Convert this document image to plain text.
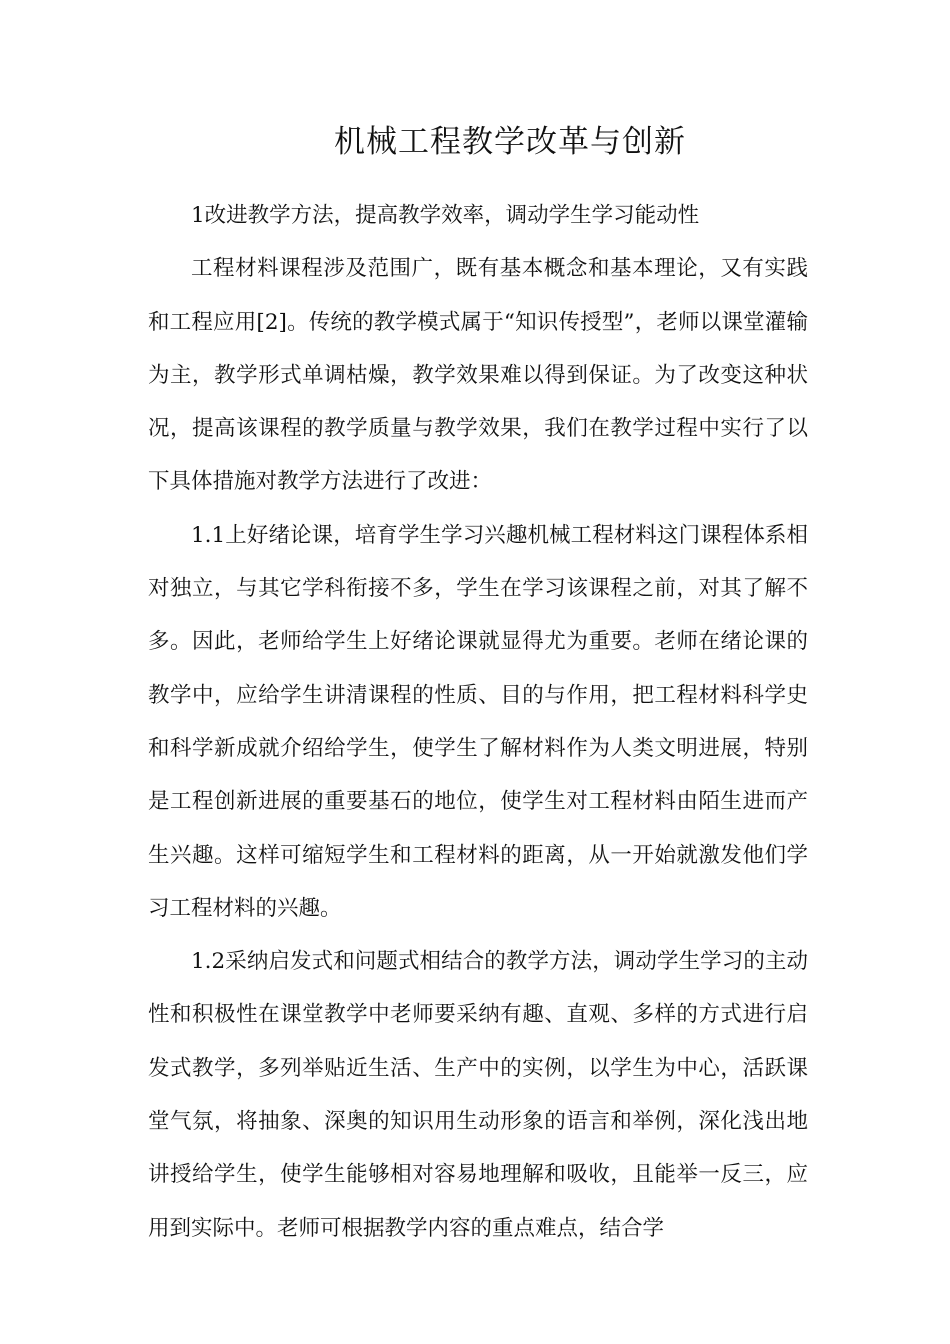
机械工程教学改革与创新

1改进教学方法，提高教学效率，调动学生学习能动性

工程材料课程涉及范围广，既有基本概念和基本理论，又有实践和工程应用[2]。传统的教学模式属于“知识传授型”，老师以课堂灌输为主，教学形式单调枯燥，教学效果难以得到保证。为了改变这种状况，提高该课程的教学质量与教学效果，我们在教学过程中实行了以下具体措施对教学方法进行了改进：

1.1上好绪论课，培育学生学习兴趣机械工程材料这门课程体系相对独立，与其它学科衔接不多，学生在学习该课程之前，对其了解不多。因此，老师给学生上好绪论课就显得尤为重要。老师在绪论课的教学中，应给学生讲清课程的性质、目的与作用，把工程材料科学史和科学新成就介绍给学生，使学生了解材料作为人类文明进展，特别是工程创新进展的重要基石的地位，使学生对工程材料由陌生进而产生兴趣。这样可缩短学生和工程材料的距离，从一开始就激发他们学习工程材料的兴趣。

1.2采纳启发式和问题式相结合的教学方法，调动学生学习的主动性和积极性在课堂教学中老师要采纳有趣、直观、多样的方式进行启发式教学，多列举贴近生活、生产中的实例，以学生为中心，活跃课堂气氛，将抽象、深奥的知识用生动形象的语言和举例，深化浅出地讲授给学生，使学生能够相对容易地理解和吸收，且能举一反三，应用到实际中。老师可根据教学内容的重点难点，结合学
